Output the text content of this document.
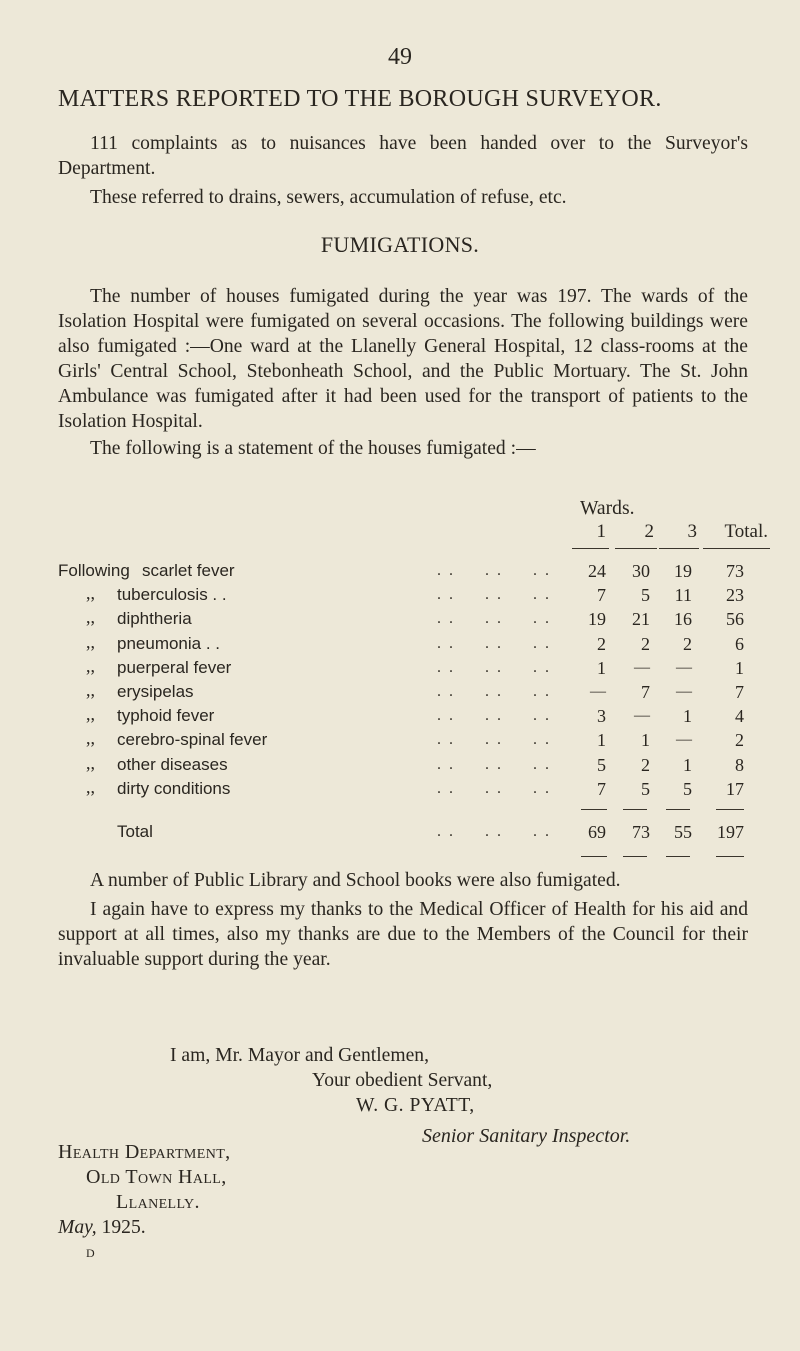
49
MATTERS REPORTED TO THE BOROUGH SURVEYOR.

111 complaints as to nuisances have been handed over to the Surveyor's Department.

These referred to drains, sewers, accumulation of refuse, etc.

FUMIGATIONS.

The number of houses fumigated during the year was 197. The wards of the Isolation Hospital were fumigated on several occasions. The following buildings were also fumigated :—One ward at the Llanelly General Hospital, 12 class-rooms at the Girls' Central School, Stebonheath School, and the Public Mortuary. The St. John Ambulance was fumigated after it had been used for the transport of patients to the Isolation Hospital.

The following is a statement of the houses fumigated :—

Wards.
1	2	3	Total.
Following scarlet fever	. .     . .     . .	24	30	19	73
,, tuberculosis . .	. .     . .     . .	7	5	11	23
,, diphtheria	. .     . .     . .	19	21	16	56
,, pneumonia . .	. .     . .     . .	2	2	2	6
,, puerperal fever	. .     . .     . .	1	—	—	1
,, erysipelas	. .     . .     . .	—	7	—	7
,, typhoid fever	. .     . .     . .	3	—	1	4
,, cerebro-spinal fever	. .     . .     . .	1	1	—	2
,, other diseases	. .     . .     . .	5	2	1	8
,, dirty conditions	. .     . .     . .	7	5	5	17
Total	. .     . .     . .	69	73	55	197

A number of Public Library and School books were also fumigated.

I again have to express my thanks to the Medical Officer of Health for his aid and support at all times, also my thanks are due to the Members of the Council for their invaluable support during the year.

I am, Mr. Mayor and Gentlemen,
Your obedient Servant,
W. G. PYATT,
Senior Sanitary Inspector.
Health Department,
Old Town Hall,
Llanelly.
May, 1925.
D
